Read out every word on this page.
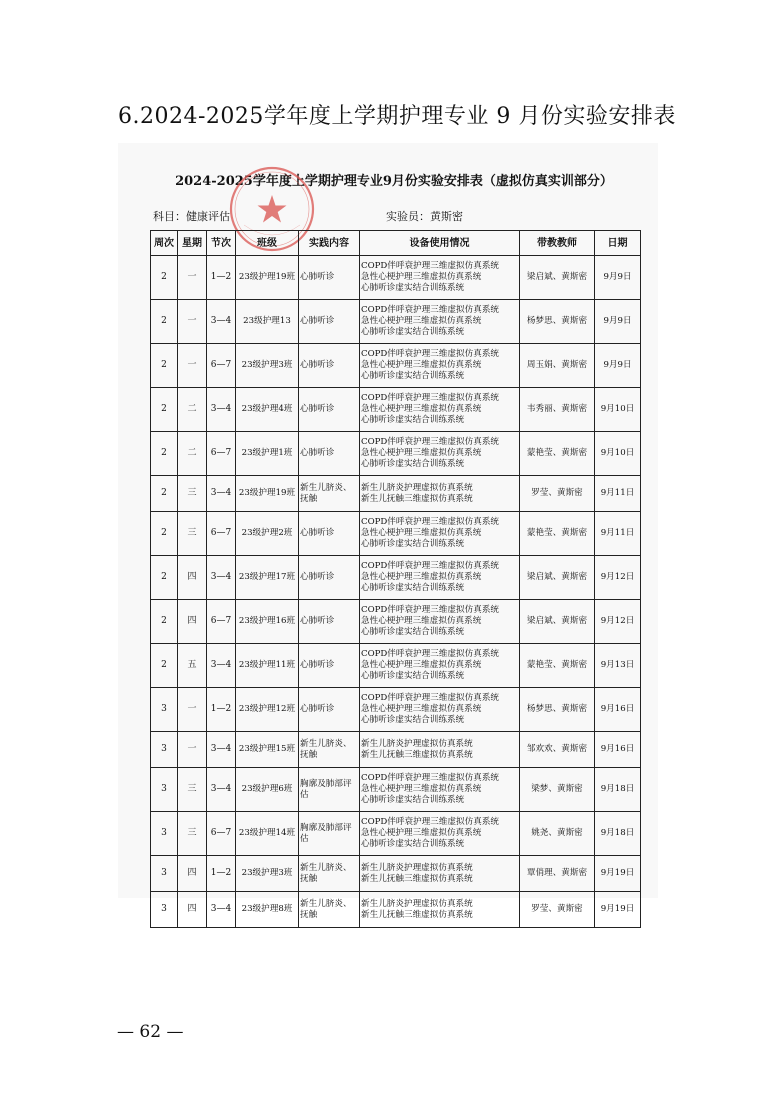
6.2024-2025学年度上学期护理专业 9 月份实验安排表
2024-2025学年度上学期护理专业9月份实验安排表（虚拟仿真实训部分）
科目：健康评估	实验员：黄斯密
周次	星期	节次	班级	实践内容	设备使用情况	带教教师	日期
2	一	1—2	23级护理19班	心肺听诊	COPD伴呼衰护理三维虚拟仿真系统
急性心梗护理三维虚拟仿真系统
心肺听诊虚实结合训练系统	梁启斌、黄斯密	9月9日
2	一	3—4	23级护理13	心肺听诊	COPD伴呼衰护理三维虚拟仿真系统
急性心梗护理三维虚拟仿真系统
心肺听诊虚实结合训练系统	杨梦思、黄斯密	9月9日
2	一	6—7	23级护理3班	心肺听诊	COPD伴呼衰护理三维虚拟仿真系统
急性心梗护理三维虚拟仿真系统
心肺听诊虚实结合训练系统	周玉娟、黄斯密	9月9日
2	二	3—4	23级护理4班	心肺听诊	COPD伴呼衰护理三维虚拟仿真系统
急性心梗护理三维虚拟仿真系统
心肺听诊虚实结合训练系统	韦秀丽、黄斯密	9月10日
2	二	6—7	23级护理1班	心肺听诊	COPD伴呼衰护理三维虚拟仿真系统
急性心梗护理三维虚拟仿真系统
心肺听诊虚实结合训练系统	蒙艳莹、黄斯密	9月10日
2	三	3—4	23级护理19班	新生儿脐炎、抚触	新生儿脐炎护理虚拟仿真系统
新生儿抚触三维虚拟仿真系统	罗莹、黄斯密	9月11日
2	三	6—7	23级护理2班	心肺听诊	COPD伴呼衰护理三维虚拟仿真系统
急性心梗护理三维虚拟仿真系统
心肺听诊虚实结合训练系统	蒙艳莹、黄斯密	9月11日
2	四	3—4	23级护理17班	心肺听诊	COPD伴呼衰护理三维虚拟仿真系统
急性心梗护理三维虚拟仿真系统
心肺听诊虚实结合训练系统	梁启斌、黄斯密	9月12日
2	四	6—7	23级护理16班	心肺听诊	COPD伴呼衰护理三维虚拟仿真系统
急性心梗护理三维虚拟仿真系统
心肺听诊虚实结合训练系统	梁启斌、黄斯密	9月12日
2	五	3—4	23级护理11班	心肺听诊	COPD伴呼衰护理三维虚拟仿真系统
急性心梗护理三维虚拟仿真系统
心肺听诊虚实结合训练系统	蒙艳莹、黄斯密	9月13日
3	一	1—2	23级护理12班	心肺听诊	COPD伴呼衰护理三维虚拟仿真系统
急性心梗护理三维虚拟仿真系统
心肺听诊虚实结合训练系统	杨梦思、黄斯密	9月16日
3	一	3—4	23级护理15班	新生儿脐炎、抚触	新生儿脐炎护理虚拟仿真系统
新生儿抚触三维虚拟仿真系统	邹欢欢、黄斯密	9月16日
3	三	3—4	23级护理6班	胸廓及肺部评估	COPD伴呼衰护理三维虚拟仿真系统
急性心梗护理三维虚拟仿真系统
心肺听诊虚实结合训练系统	梁梦、黄斯密	9月18日
3	三	6—7	23级护理14班	胸廓及肺部评估	COPD伴呼衰护理三维虚拟仿真系统
急性心梗护理三维虚拟仿真系统
心肺听诊虚实结合训练系统	姚尧、黄斯密	9月18日
3	四	1—2	23级护理3班	新生儿脐炎、抚触	新生儿脐炎护理虚拟仿真系统
新生儿抚触三维虚拟仿真系统	覃俏理、黄斯密	9月19日
3	四	3—4	23级护理8班	新生儿脐炎、抚触	新生儿脐炎护理虚拟仿真系统
新生儿抚触三维虚拟仿真系统	罗莹、黄斯密	9月19日
— 62 —
